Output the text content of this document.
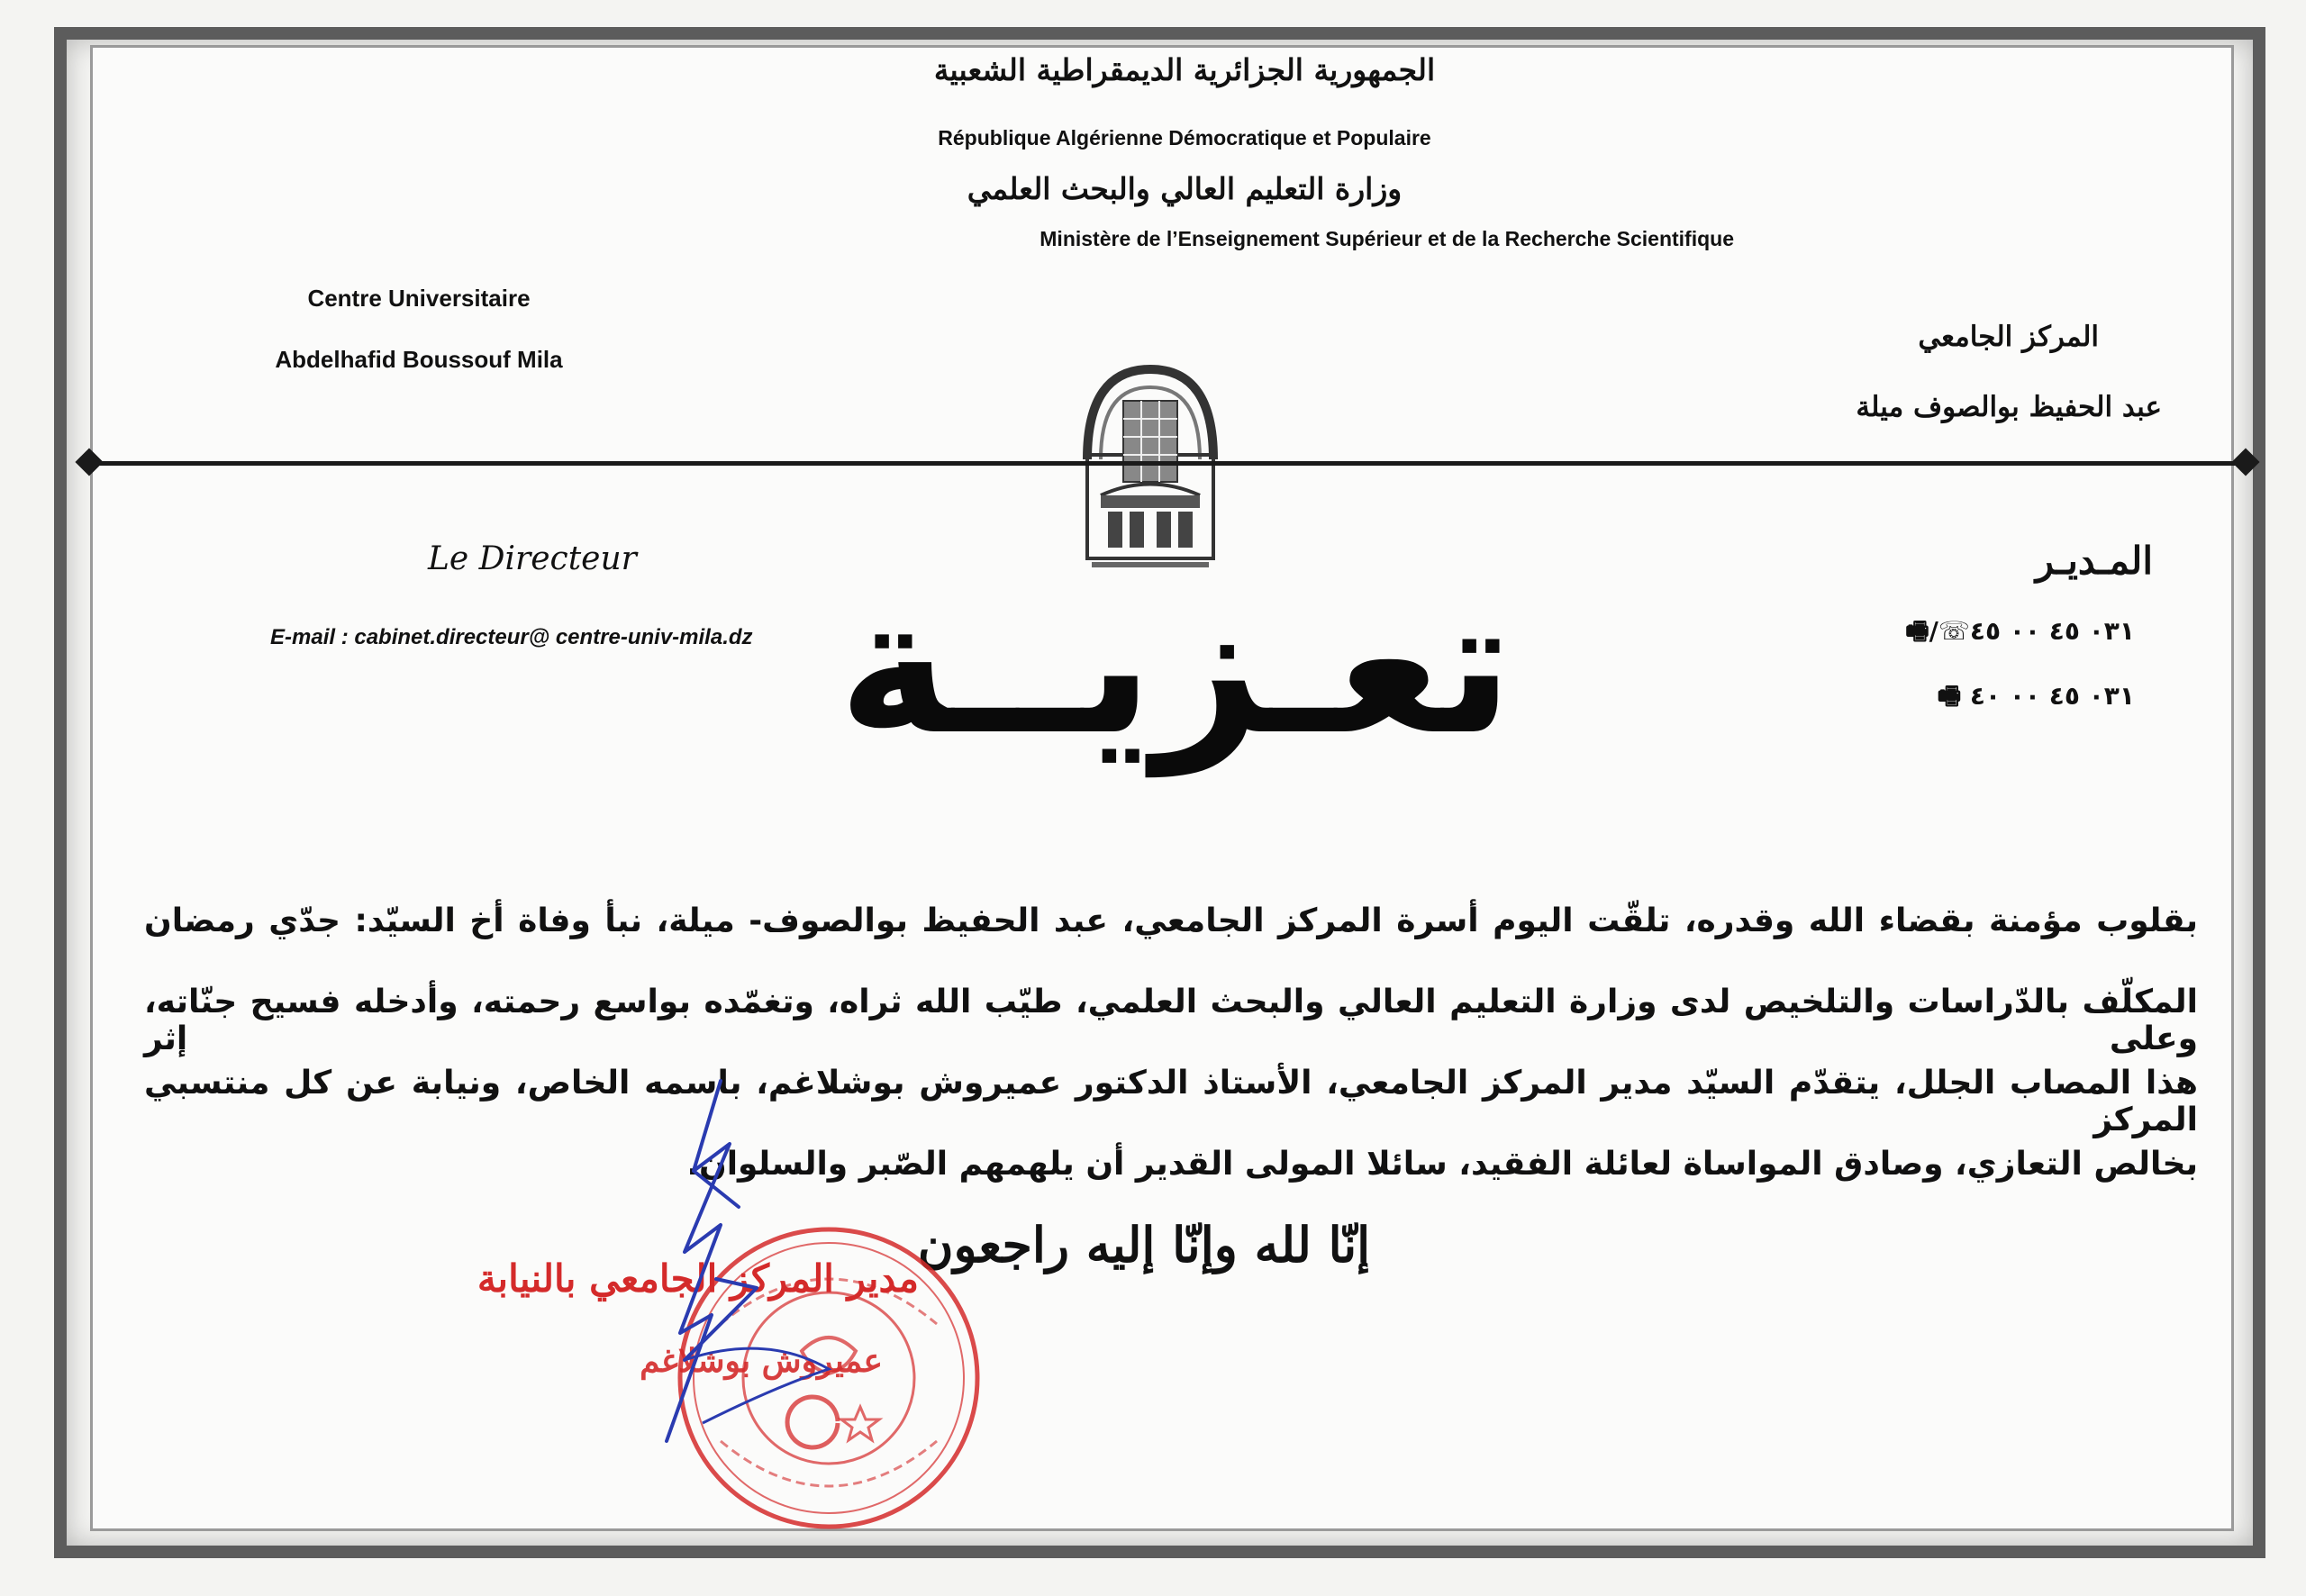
الجمهورية الجزائرية الديمقراطية الشعبية
République Algérienne Démocratique et Populaire
وزارة التعليم العالي والبحث العلمي
Ministère de l’Enseignement Supérieur et de la Recherche Scientifique
Centre Universitaire
Abdelhafid Boussouf Mila
المركز الجامعي
عبد الحفيظ بوالصوف ميلة
Le Directeur
E-mail : cabinet.directeur@ centre-univ-mila.dz
المـديـر
🖷/☏٠٣١ ٤٥ ٠٠ ٤٥
🖷 ٠٣١ ٤٥ ٠٠ ٤٠
تعـزيــة
بقلوب مؤمنة بقضاء الله وقدره، تلقّت اليوم أسرة المركز الجامعي، عبد الحفيظ بوالصوف- ميلة، نبأ وفاة أخ السيّد: جدّي رمضان
المكلّف بالدّراسات والتلخيص لدى وزارة التعليم العالي والبحث العلمي، طيّب الله ثراه، وتغمّده بواسع رحمته، وأدخله فسيح جنّاته، وعلى إثر
هذا المصاب الجلل، يتقدّم السيّد مدير المركز الجامعي، الأستاذ الدكتور عميروش بوشلاغم، باسمه الخاص، ونيابة عن كل منتسبي المركز
بخالص التعازي، وصادق المواساة لعائلة الفقيد، سائلا المولى القدير أن يلهمهم الصّبر والسلوان.
إنّا لله وإنّا إليه راجعون
مدير المركز الجامعي بالنيابة
عميروش بوشلاغم
